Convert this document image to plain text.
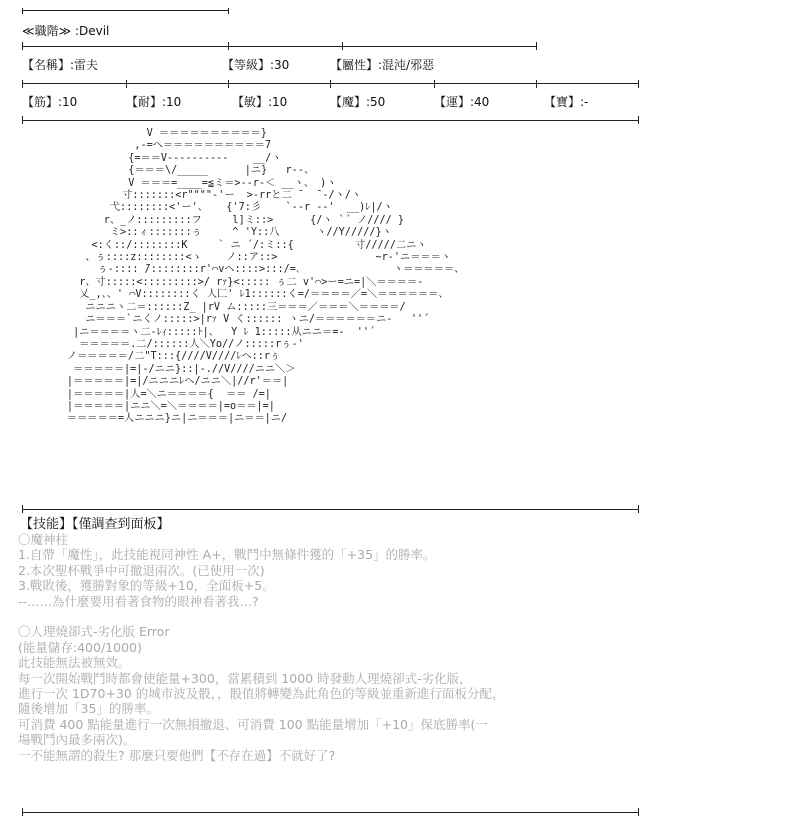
≪職階≫ :Devil
【名稱】:雷夫	【等級】:30	【屬性】:混沌/邪惡
【筋】:10	【耐】:10	【敏】:10	【魔】:50	【運】:40	【寶】:-
V ＝＝＝＝＝＝＝＝＝＝}
,-=へ＝＝＝＝＝＝＝＝＝＝7
{=＝＝V----------    __/ヽ
{＝＝＝\/_____      |ニ}   r--、
V ＝＝＝=____=≦ミ＝>--r-＜ __ヽ、 )ヽ
寸:::::::<r""""-'ー  >-rrと二 ̄   ̄ -/ヽ/ヽ
弋::::::::<'ー'、   {'7:彡    `--r --'  __)ﾚ|/ヽ
r、_ノ:::::::::フ     l]ミ::>      {/ヽ `´ ノ//// }
ミ>::ィ:::::::ぅ     ^ 'Y::八      ヽ//Y/////}ヽ
<:く::/::::::::K     ` ニ ´/:ミ::{          寸/////二ニヽ
、ぅ::::z::::::::<ゝ    ノ::ア::>                ~r-'ニ＝＝＝ヽ
ぅ-:::: ̄/::::::::r'⌒vヘ::::>:::/=､               ヽ＝＝＝＝＝、
r、寸:::::<:::::::::>/ rｧ}<::::: ぅ二 v'⌒>ー=ニ=|＼＝＝＝＝-
乂_,、、' ⌒V::::::::く 人匚' ﾚ1::::::く=/＝＝＝＝／=＼＝＝＝＝＝＝、
ニニニヽ二＝::::::Z_ |rV ム:::::三＝＝＝／＝＝＝＼＝＝＝＝/
ニ＝＝＝`ニくノ:::::>|rｧ V く:::::: ヽニ/＝＝＝＝＝＝ニ-   ''´
|ニ＝＝＝＝ヽ二-ﾚｨ:::::ﾄ|、  Y ﾚ 1:::::从ニニ＝=-  ''´
＝＝＝＝＝.二/::::::人＼Yo//ノ:::::rぅ-'
ノ＝＝＝＝＝/二"T:::{////V////ﾚヘ::rぅ
＝＝＝＝＝|=|-/ニニ}::|-.//V////ニニ＼＞
|＝＝＝＝＝|=|/ニニニﾚへ/ニニ＼|//r'＝＝|
|＝＝＝＝＝|人=＼ニ＝＝＝＝{  ＝＝ /=|
|＝＝＝＝＝|ニニ＼=＼＝＝＝＝|=o＝＝|=|
＝＝＝＝＝=人ニニニ}ニ|ニ＝＝＝|ニ＝＝|ニ/
【技能】【僅調查到面板】
〇魔神柱
1.自帶「魔性」，此技能視同神性 A+，戰鬥中無條件獲的「+35」的勝率。
2.本次聖杯戰爭中可撤退兩次。(已使用一次)
3.戰敗後，獲勝對象的等級+10，全面板+5。
--……為什麼要用看著食物的眼神看著我…?
〇人理燒卻式-劣化版 Error
(能量儲存:400/1000)
此技能無法被無效。
每一次開始戰鬥時都會使能量+300，當累積到 1000 時發動人理燒卻式-劣化版，
進行一次 1D70+30 的城市波及骰，，骰值將轉變為此角色的等級並重新進行面板分配，
隨後增加「35」的勝率。
可消費 400 點能量進行一次無損撤退、可消費 100 點能量增加「+10」保底勝率(一
場戰鬥內最多兩次)。
一不能無謂的殺生? 那麼只要他們【不存在過】不就好了?
